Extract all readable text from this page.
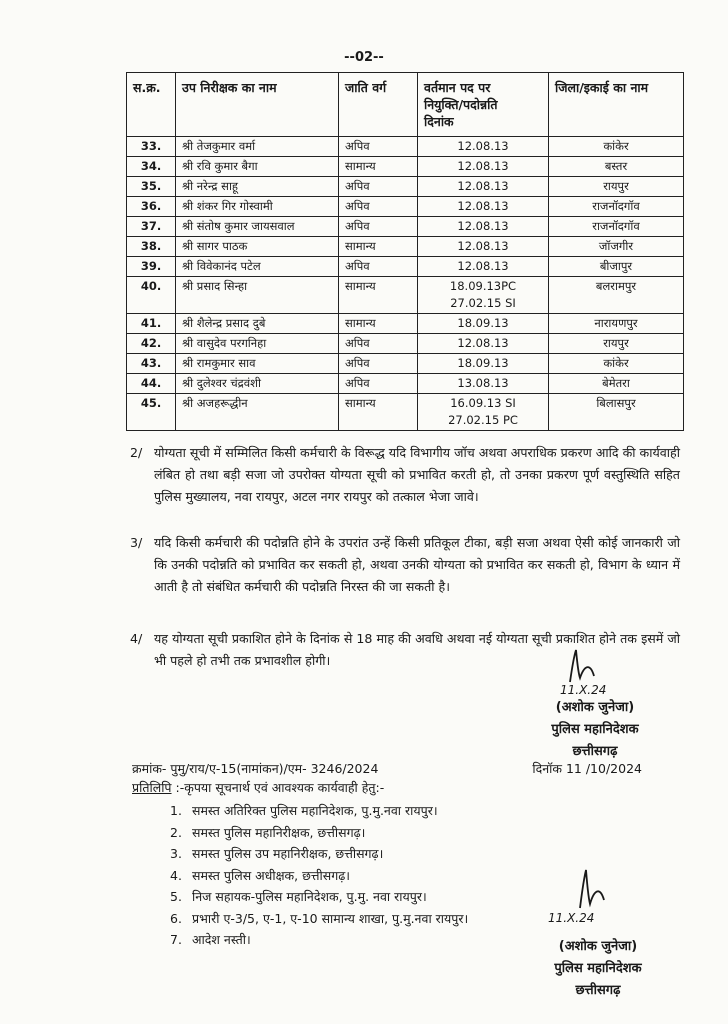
--02--
स.क्र.	उप निरीक्षक का नाम	जाति वर्ग	वर्तमान पद पर
नियुक्ति/पदोन्नति
दिनांक	जिला/इकाई का नाम
33.	श्री तेजकुमार वर्मा	अपिव	12.08.13	कांकेर
34.	श्री रवि कुमार बैगा	सामान्य	12.08.13	बस्तर
35.	श्री नरेन्द्र साहू	अपिव	12.08.13	रायपुर
36.	श्री शंकर गिर गोस्वामी	अपिव	12.08.13	राजनॉदगॉव
37.	श्री संतोष कुमार जायसवाल	अपिव	12.08.13	राजनॉदगॉव
38.	श्री सागर पाठक	सामान्य	12.08.13	जॉजगीर
39.	श्री विवेकानंद पटेल	अपिव	12.08.13	बीजापुर
40.	श्री प्रसाद सिन्हा	सामान्य	18.09.13PC
27.02.15 SI	बलरामपुर
41.	श्री शैलेन्द्र प्रसाद दुबे	सामान्य	18.09.13	नारायणपुर
42.	श्री वासुदेव परगनिहा	अपिव	12.08.13	रायपुर
43.	श्री रामकुमार साव	अपिव	18.09.13	कांकेर
44.	श्री दुलेश्वर चंद्रवंशी	अपिव	13.08.13	बेमेतरा
45.	श्री अजहरूद्धीन	सामान्य	16.09.13 SI
27.02.15 PC	बिलासपुर
2/ योग्यता सूची में सम्मिलित किसी कर्मचारी के विरूद्ध यदि विभागीय जॉच अथवा अपराधिक प्रकरण आदि की कार्यवाही लंबित हो तथा बड़ी सजा जो उपरोक्त योग्यता सूची को प्रभावित करती हो, तो उनका प्रकरण पूर्ण वस्तुस्थिति सहित पुलिस मुख्यालय, नवा रायपुर, अटल नगर रायपुर को तत्काल भेजा जावे।
3/ यदि किसी कर्मचारी की पदोन्नति होने के उपरांत उन्हें किसी प्रतिकूल टीका, बड़ी सजा अथवा ऐसी कोई जानकारी जो कि उनकी पदोन्नति को प्रभावित कर सकती हो, अथवा उनकी योग्यता को प्रभावित कर सकती हो, विभाग के ध्यान में आती है तो संबंधित कर्मचारी की पदोन्नति निरस्त की जा सकती है।
4/ यह योग्यता सूची प्रकाशित होने के दिनांक से 18 माह की अवधि अथवा नई योग्यता सूची प्रकाशित होने तक इसमें जो भी पहले हो तभी तक प्रभावशील होगी।
11.X.24
(अशोक जुनेजा)
पुलिस महानिदेशक
छत्तीसगढ़
क्रमांक- पुमु/राय/ए-15(नामांकन)/एम- 3246/2024	दिनॉक 11 /10/2024
प्रतिलिपि :-कृपया सूचनार्थ एवं आवश्यक कार्यवाही हेतु:-
1. समस्त अतिरिक्त पुलिस महानिदेशक, पु.मु.नवा रायपुर।
2. समस्त पुलिस महानिरीक्षक, छत्तीसगढ़।
3. समस्त पुलिस उप महानिरीक्षक, छत्तीसगढ़।
4. समस्त पुलिस अधीक्षक, छत्तीसगढ़।
5. निज सहायक-पुलिस महानिदेशक, पु.मु. नवा रायपुर।
6. प्रभारी ए-3/5, ए-1, ए-10 सामान्य शाखा, पु.मु.नवा रायपुर।
7. आदेश नस्ती।
11.X.24
(अशोक जुनेजा)
पुलिस महानिदेशक
छत्तीसगढ़
